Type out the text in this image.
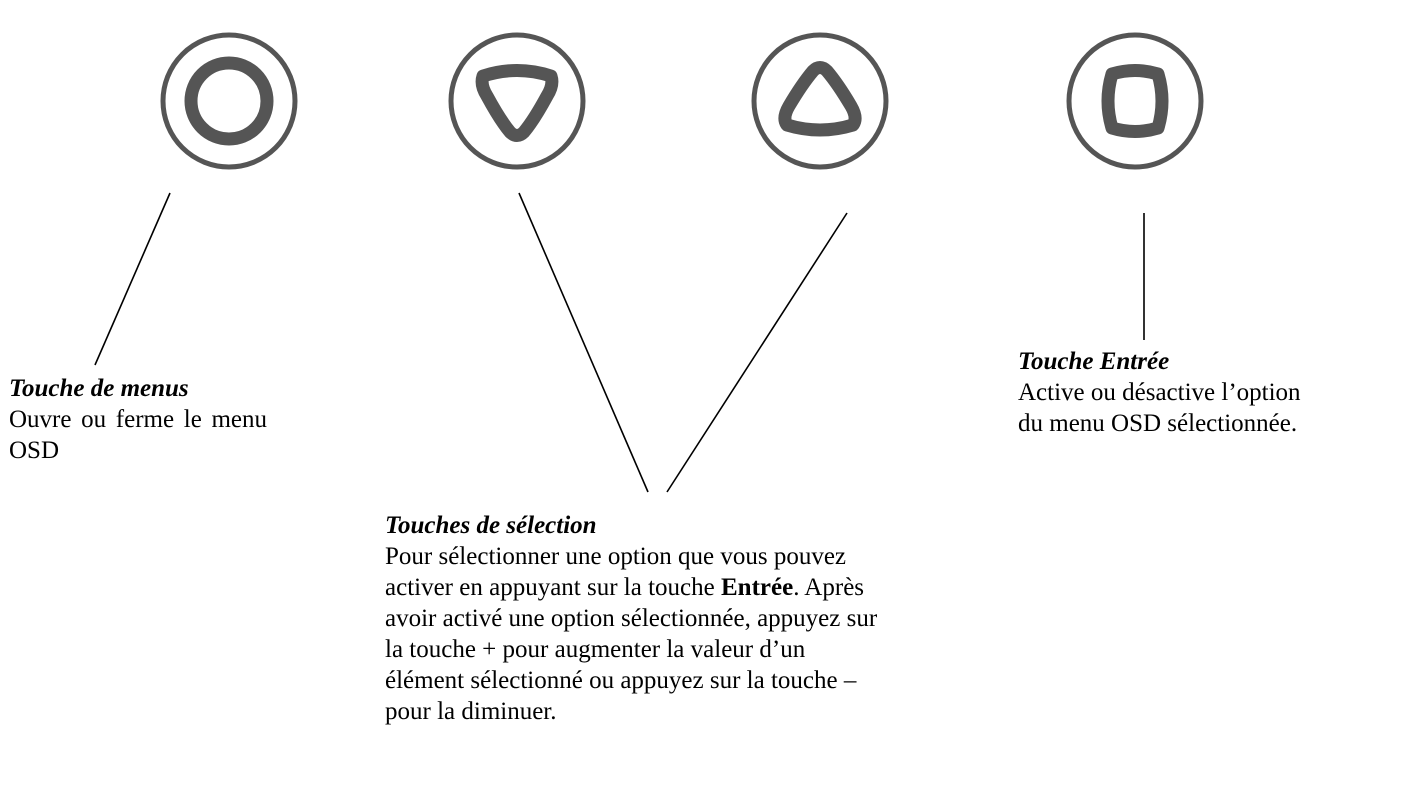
Touche de menus
Ouvre ou ferme le menu OSD
Touche Entrée
Active ou désactive l’option
du menu OSD sélectionnée.
Touches de sélection
Pour sélectionner une option que vous pouvez
activer en appuyant sur la touche Entrée. Après
avoir activé une option sélectionnée, appuyez sur
la touche + pour augmenter la valeur d’un
élément sélectionné ou appuyez sur la touche –
pour la diminuer.
